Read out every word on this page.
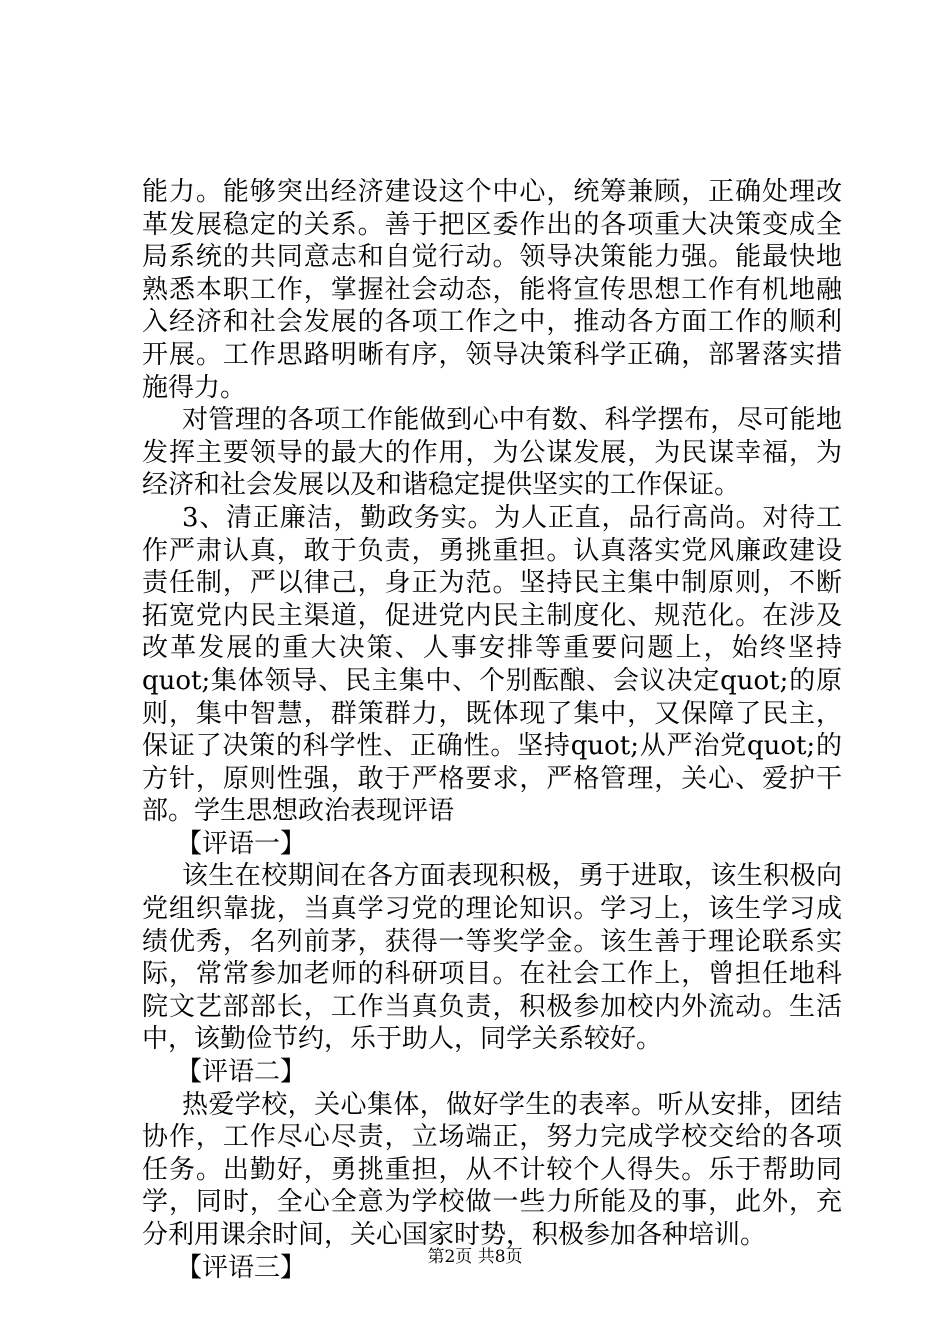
能力。能够突出经济建设这个中心，统筹兼顾，正确处理改革发展稳定的关系。善于把区委作出的各项重大决策变成全局系统的共同意志和自觉行动。领导决策能力强。能最快地熟悉本职工作，掌握社会动态，能将宣传思想工作有机地融入经济和社会发展的各项工作之中，推动各方面工作的顺利开展。工作思路明晰有序，领导决策科学正确，部署落实措施得力。

对管理的各项工作能做到心中有数、科学摆布，尽可能地发挥主要领导的最大的作用，为公谋发展，为民谋幸福，为经济和社会发展以及和谐稳定提供坚实的工作保证。

3、清正廉洁，勤政务实。为人正直，品行高尚。对待工作严肃认真，敢于负责，勇挑重担。认真落实党风廉政建设责任制，严以律己，身正为范。坚持民主集中制原则，不断拓宽党内民主渠道，促进党内民主制度化、规范化。在涉及改革发展的重大决策、人事安排等重要问题上，始终坚持quot;集体领导、民主集中、个别酝酿、会议决定quot;的原则，集中智慧，群策群力，既体现了集中，又保障了民主，保证了决策的科学性、正确性。坚持quot;从严治党quot;的方针，原则性强，敢于严格要求，严格管理，关心、爱护干部。学生思想政治表现评语

【评语一】

该生在校期间在各方面表现积极，勇于进取，该生积极向党组织靠拢，当真学习党的理论知识。学习上，该生学习成绩优秀，名列前茅，获得一等奖学金。该生善于理论联系实际，常常参加老师的科研项目。在社会工作上，曾担任地科院文艺部部长，工作当真负责，积极参加校内外流动。生活中，该勤俭节约，乐于助人，同学关系较好。

【评语二】

热爱学校，关心集体，做好学生的表率。听从安排，团结协作，工作尽心尽责，立场端正，努力完成学校交给的各项任务。出勤好，勇挑重担，从不计较个人得失。乐于帮助同学，同时，全心全意为学校做一些力所能及的事，此外，充分利用课余时间，关心国家时势，积极参加各种培训。

【评语三】	第2页 共8页
